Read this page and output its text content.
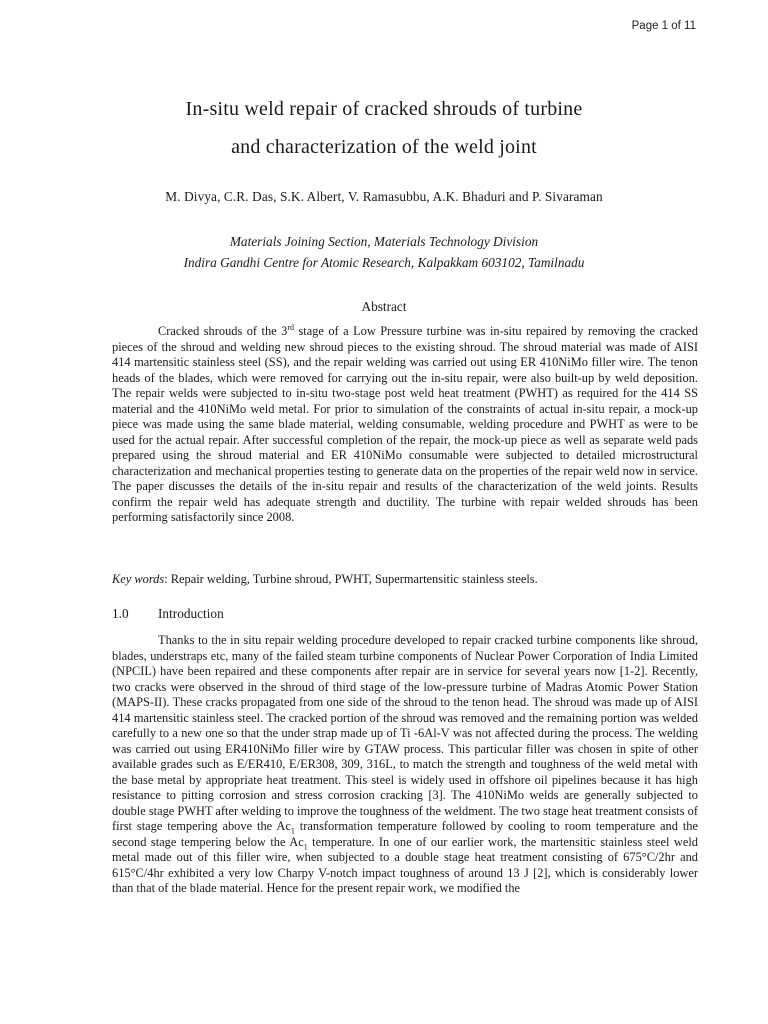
Page 1 of 11
In-situ weld repair of cracked shrouds of turbine
and characterization of the weld joint
M. Divya, C.R. Das, S.K. Albert, V. Ramasubbu, A.K. Bhaduri and P. Sivaraman
Materials Joining Section, Materials Technology Division
Indira Gandhi Centre for Atomic Research, Kalpakkam 603102, Tamilnadu
Abstract

Cracked shrouds of the 3rd stage of a Low Pressure turbine was in-situ repaired by removing the cracked pieces of the shroud and welding new shroud pieces to the existing shroud. The shroud material was made of AISI 414 martensitic stainless steel (SS), and the repair welding was carried out using ER 410NiMo filler wire. The tenon heads of the blades, which were removed for carrying out the in-situ repair, were also built-up by weld deposition. The repair welds were subjected to in-situ two-stage post weld heat treatment (PWHT) as required for the 414 SS material and the 410NiMo weld metal. For prior to simulation of the constraints of actual in-situ repair, a mock-up piece was made using the same blade material, welding consumable, welding procedure and PWHT as were to be used for the actual repair. After successful completion of the repair, the mock-up piece as well as separate weld pads prepared using the shroud material and ER 410NiMo consumable were subjected to detailed microstructural characterization and mechanical properties testing to generate data on the properties of the repair weld now in service. The paper discusses the details of the in-situ repair and results of the characterization of the weld joints. Results confirm the repair weld has adequate strength and ductility. The turbine with repair welded shrouds has been performing satisfactorily since 2008.

Key words: Repair welding, Turbine shroud, PWHT, Supermartensitic stainless steels.
1.0 Introduction

Thanks to the in situ repair welding procedure developed to repair cracked turbine components like shroud, blades, understraps etc, many of the failed steam turbine components of Nuclear Power Corporation of India Limited (NPCIL) have been repaired and these components after repair are in service for several years now [1-2]. Recently, two cracks were observed in the shroud of third stage of the low-pressure turbine of Madras Atomic Power Station (MAPS-II). These cracks propagated from one side of the shroud to the tenon head. The shroud was made up of AISI 414 martensitic stainless steel. The cracked portion of the shroud was removed and the remaining portion was welded carefully to a new one so that the under strap made up of Ti -6Al-V was not affected during the process. The welding was carried out using ER410NiMo filler wire by GTAW process. This particular filler was chosen in spite of other available grades such as E/ER410, E/ER308, 309, 316L, to match the strength and toughness of the weld metal with the base metal by appropriate heat treatment. This steel is widely used in offshore oil pipelines because it has high resistance to pitting corrosion and stress corrosion cracking [3]. The 410NiMo welds are generally subjected to double stage PWHT after welding to improve the toughness of the weldment. The two stage heat treatment consists of first stage tempering above the $Ac_1$ transformation temperature followed by cooling to room temperature and the second stage tempering below the $Ac_1$ temperature. In one of our earlier work, the martensitic stainless steel weld metal made out of this filler wire, when subjected to a double stage heat treatment consisting of 675°C/2hr and 615°C/4hr exhibited a very low Charpy V-notch impact toughness of around 13 J [2], which is considerably lower than that of the blade material. Hence for the present repair work, we modified the
